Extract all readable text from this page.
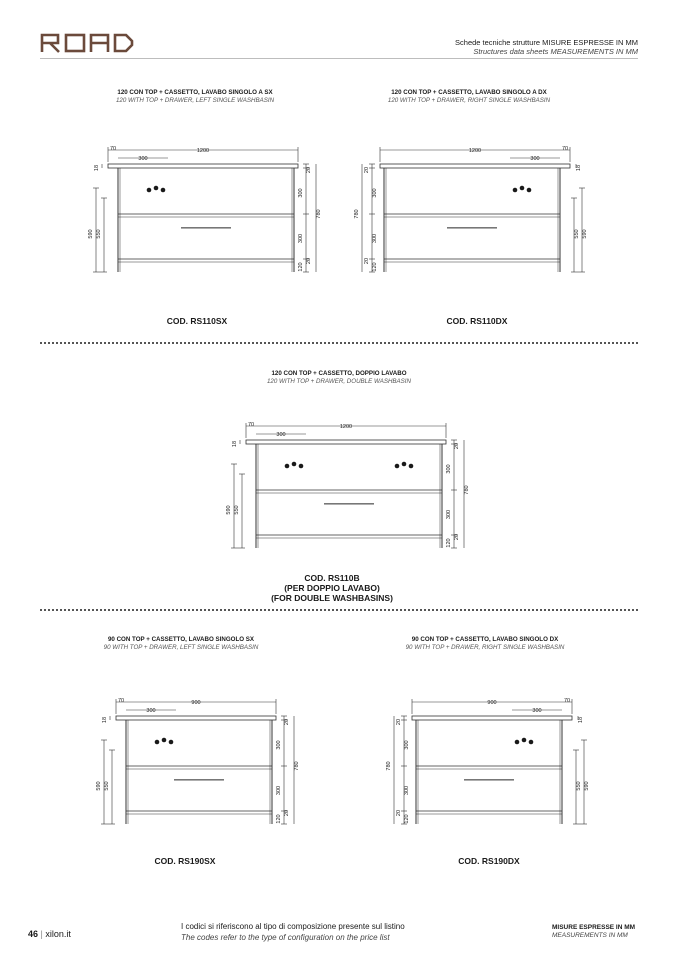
Schede tecniche strutture MISURE ESPRESSE IN MM
Structures data sheets MEASUREMENTS IN MM
120 CON TOP + CASSETTO, LAVABO SINGOLO A SX
120 WITH TOP + DRAWER, LEFT SINGLE WASHBASIN
120 CON TOP + CASSETTO, LAVABO SINGOLO A DX
120 WITH TOP + DRAWER, RIGHT SINGLE WASHBASIN
120 CON TOP + CASSETTO, DOPPIO LAVABO
120 WITH TOP + DRAWER, DOUBLE WASHBASIN
90 CON TOP + CASSETTO, LAVABO SINGOLO SX
90 WITH TOP + DRAWER, LEFT SINGLE WASHBASIN
90 CON TOP + CASSETTO, LAVABO SINGOLO DX
90 WITH TOP + DRAWER, RIGHT SINGLE WASHBASIN
1200
300
70
300
300
120
20
20
780
18
590 550
1200
300
70
300
300
120
20
20
780
18
590
550
1200
300
70
300
300
120
20
20
780
18
590 550
900
300
70
300
300
120
20
20
780
18
590 550
900
300
70
300
300
120
20
20
780
18
590
550
COD. RS110SX	COD. RS110DX
COD. RS110B
(PER DOPPIO LAVABO)
(FOR DOUBLE WASHBASINS)
COD. RS190SX	COD. RS190DX
46 | xilon.it
I codici si riferiscono al tipo di composizione presente sul listino
The codes refer to the type of configuration on the price list
MISURE ESPRESSE IN MM
MEASUREMENTS IN MM
